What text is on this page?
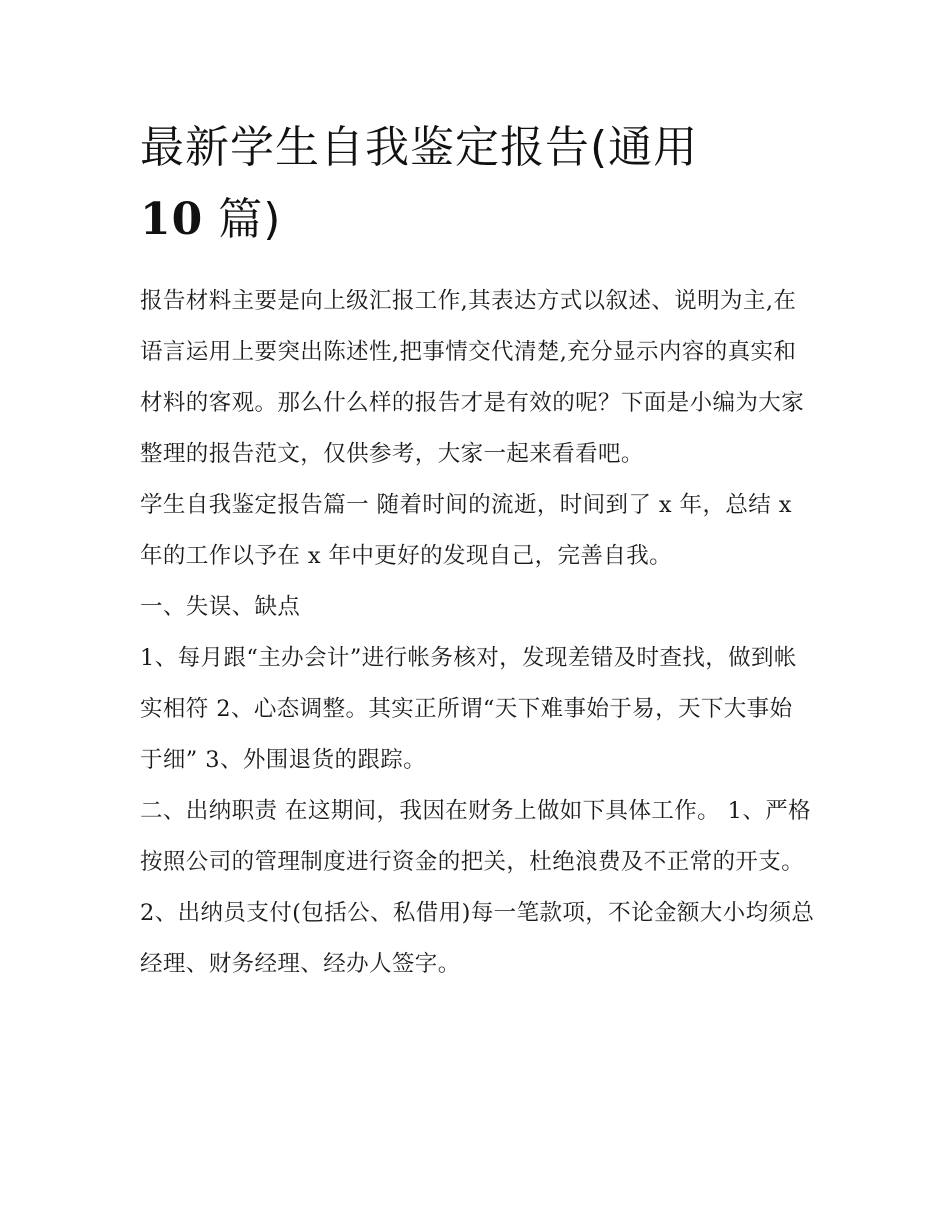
最新学生自我鉴定报告(通用
10 篇)

报告材料主要是向上级汇报工作,其表达方式以叙述、说明为主,在语言运用上要突出陈述性,把事情交代清楚,充分显示内容的真实和材料的客观。那么什么样的报告才是有效的呢？下面是小编为大家整理的报告范文，仅供参考，大家一起来看看吧。

学生自我鉴定报告篇一 随着时间的流逝，时间到了 x 年，总结 x 年的工作以予在 x 年中更好的发现自己，完善自我。

一、失误、缺点

1、每月跟“主办会计”进行帐务核对，发现差错及时查找，做到帐实相符 2、心态调整。其实正所谓“天下难事始于易，天下大事始于细” 3、外围退货的跟踪。

二、出纳职责 在这期间，我因在财务上做如下具体工作。 1、严格按照公司的管理制度进行资金的把关，杜绝浪费及不正常的开支。

2、出纳员支付(包括公、私借用)每一笔款项，不论金额大小均须总经理、财务经理、经办人签字。
